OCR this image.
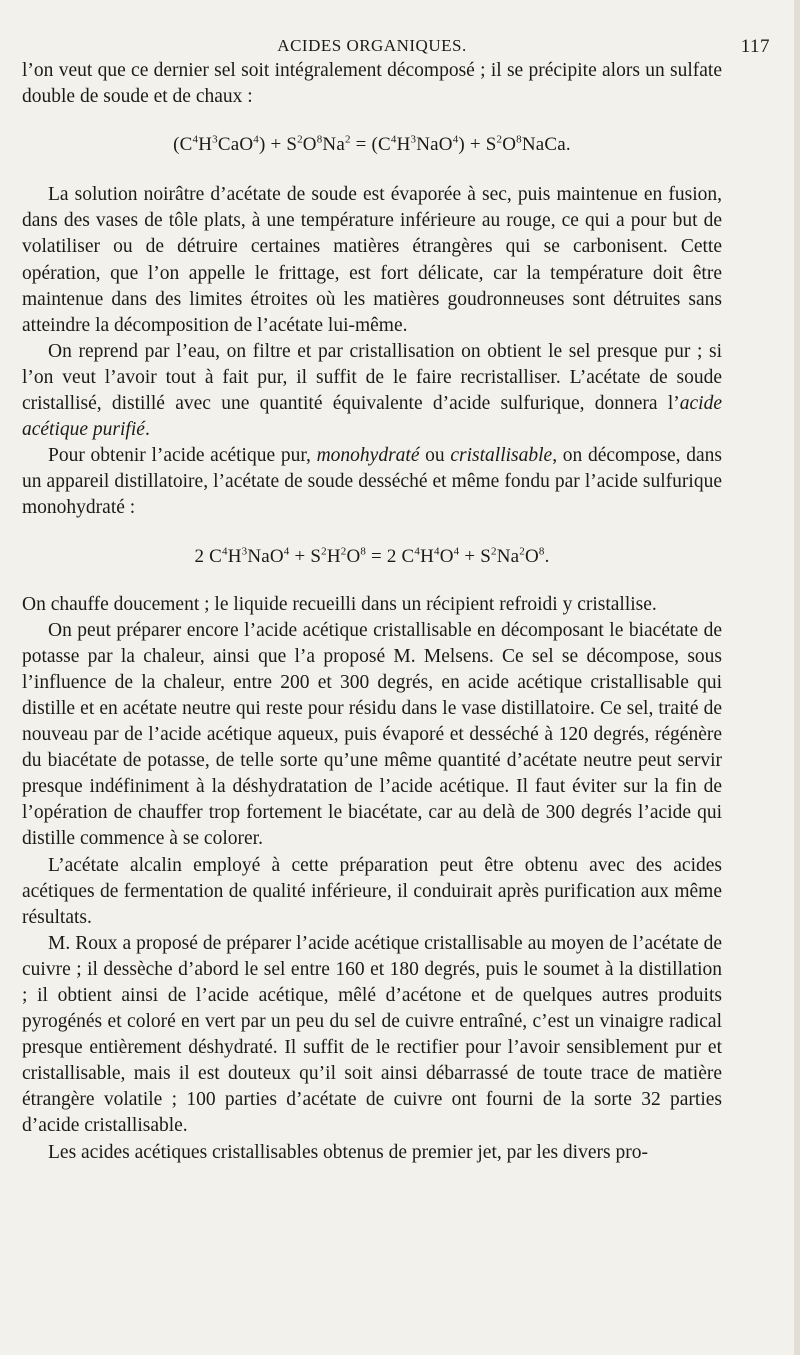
ACIDES ORGANIQUES.	117

l’on veut que ce dernier sel soit intégralement décomposé ; il se précipite alors un sulfate double de soude et de chaux :

$(C^4H^3CaO^4) + S^2O^8Na^2 = (C^4H^3NaO^4)$ + $S^2O^8NaCa$.

La solution noirâtre d’acétate de soude est évaporée à sec, puis maintenue en fusion, dans des vases de tôle plats, à une température inférieure au rouge, ce qui a pour but de volatiliser ou de détruire certaines matières étrangères qui se carbonisent. Cette opération, que l’on appelle le frittage, est fort délicate, car la température doit être maintenue dans des limites étroites où les matières goudronneuses sont détruites sans atteindre la décomposition de l’acétate lui-même.

On reprend par l’eau, on filtre et par cristallisation on obtient le sel presque pur ; si l’on veut l’avoir tout à fait pur, il suffit de le faire recristalliser. L’acétate de soude cristallisé, distillé avec une quantité équivalente d’acide sulfurique, donnera l’acide acétique purifié.

Pour obtenir l’acide acétique pur, monohydraté ou cristallisable, on décompose, dans un appareil distillatoire, l’acétate de soude desséché et même fondu par l’acide sulfurique monohydraté :

2 $C^4H^3NaO^4 + S^2H^2O^8 = 2$ $C^4H^4O^4 + S^2Na^2O^8$.

On chauffe doucement ; le liquide recueilli dans un récipient refroidi y cristallise.

On peut préparer encore l’acide acétique cristallisable en décomposant le biacétate de potasse par la chaleur, ainsi que l’a proposé M. Melsens. Ce sel se décompose, sous l’influence de la chaleur, entre 200 et 300 degrés, en acide acétique cristallisable qui distille et en acétate neutre qui reste pour résidu dans le vase distillatoire. Ce sel, traité de nouveau par de l’acide acétique aqueux, puis évaporé et desséché à 120 degrés, régénère du biacétate de potasse, de telle sorte qu’une même quantité d’acétate neutre peut servir presque indéfiniment à la déshydratation de l’acide acétique. Il faut éviter sur la fin de l’opération de chauffer trop fortement le biacétate, car au delà de 300 degrés l’acide qui distille commence à se colorer.

L’acétate alcalin employé à cette préparation peut être obtenu avec des acides acétiques de fermentation de qualité inférieure, il conduirait après purification aux même résultats.

M. Roux a proposé de préparer l’acide acétique cristallisable au moyen de l’acétate de cuivre ; il dessèche d’abord le sel entre 160 et 180 degrés, puis le soumet à la distillation ; il obtient ainsi de l’acide acétique, mêlé d’acétone et de quelques autres produits pyrogénés et coloré en vert par un peu du sel de cuivre entraîné, c’est un vinaigre radical presque entièrement déshydraté. Il suffit de le rectifier pour l’avoir sensiblement pur et cristallisable, mais il est douteux qu’il soit ainsi débarrassé de toute trace de matière étrangère volatile ; 100 parties d’acétate de cuivre ont fourni de la sorte 32 parties d’acide cristallisable.

Les acides acétiques cristallisables obtenus de premier jet, par les divers pro-
